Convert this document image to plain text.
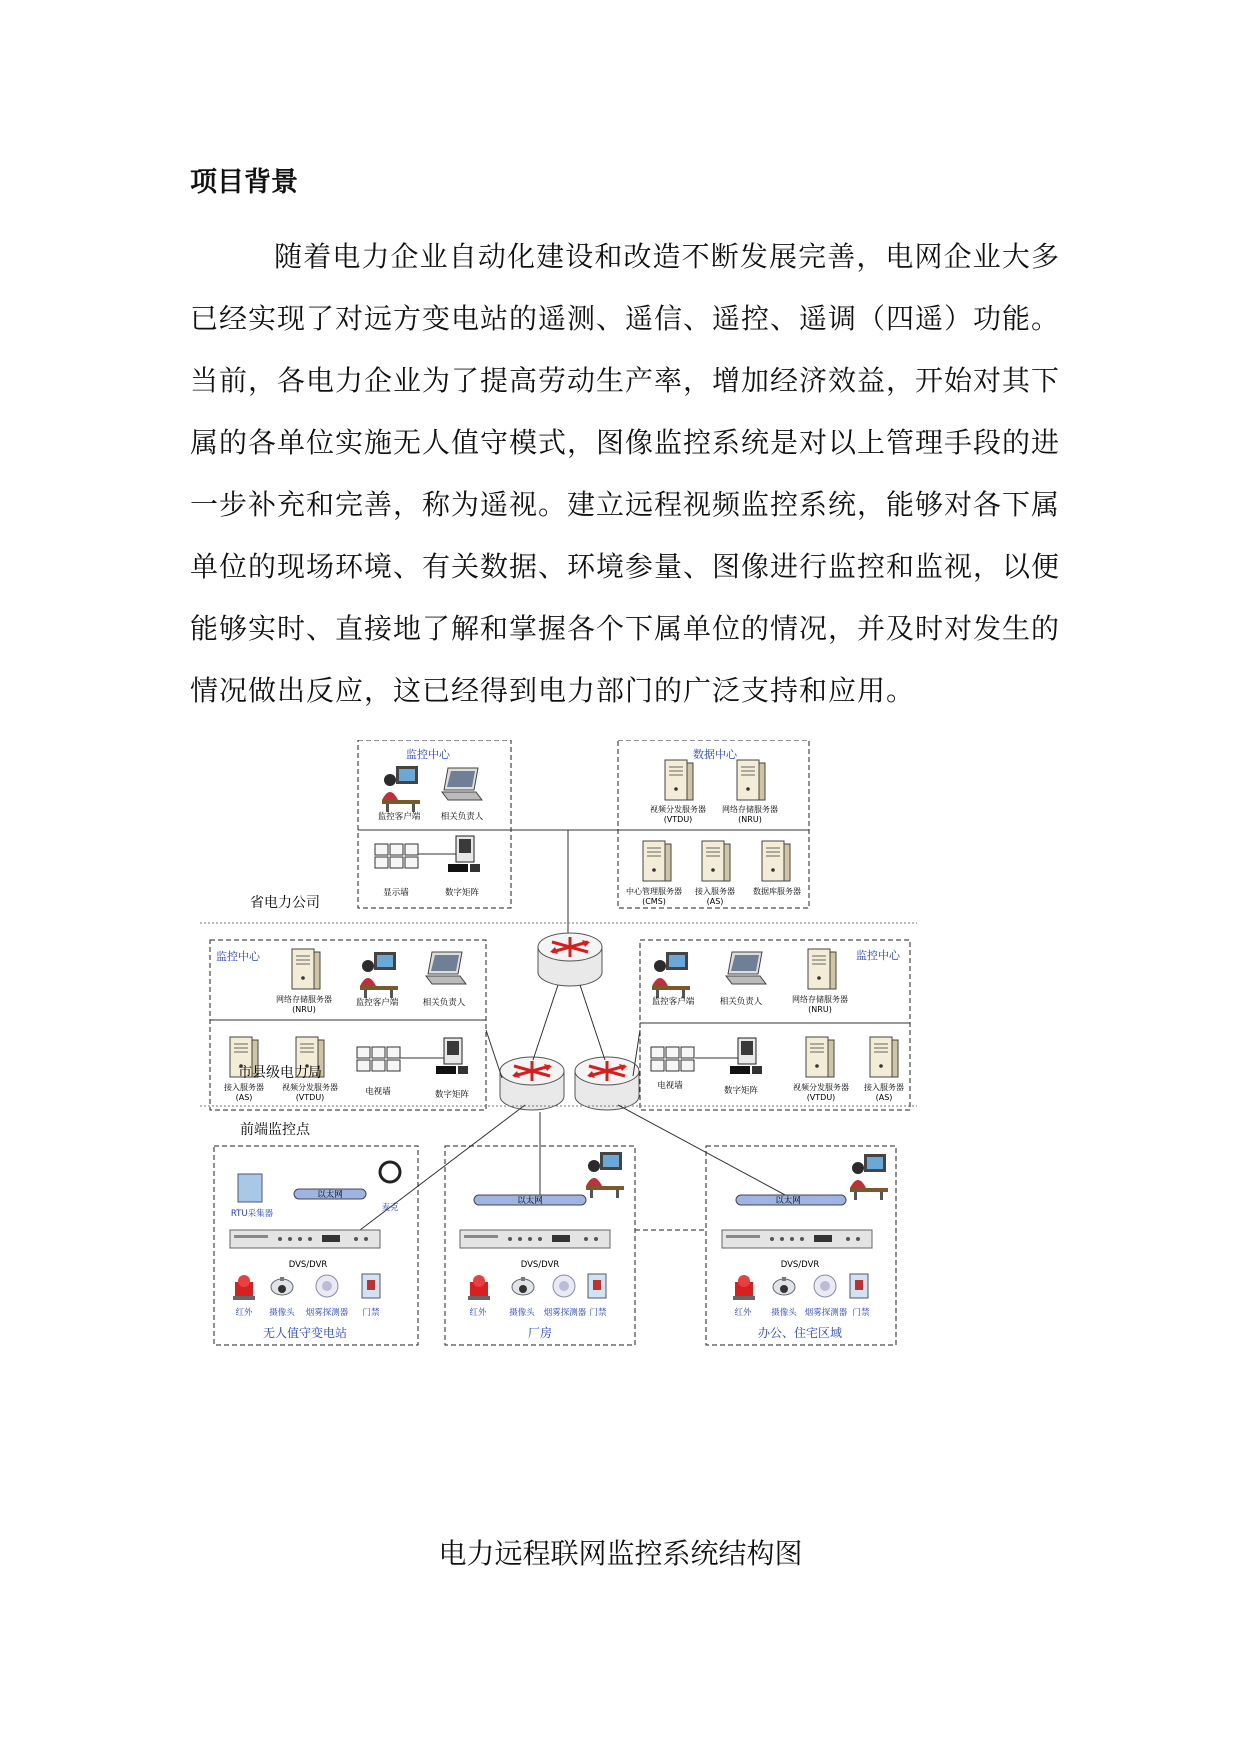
项目背景
随着电力企业自动化建设和改造不断发展完善，电网企业大多已经实现了对远方变电站的遥测、遥信、遥控、遥调（四遥）功能。当前，各电力企业为了提高劳动生产率，增加经济效益，开始对其下属的各单位实施无人值守模式，图像监控系统是对以上管理手段的进一步补充和完善，称为遥视。建立远程视频监控系统，能够对各下属单位的现场环境、有关数据、环境参量、图像进行监控和监视，以便能够实时、直接地了解和掌握各个下属单位的情况，并及时对发生的情况做出反应，这已经得到电力部门的广泛支持和应用。
监控中心
监控客户端 相关负责人
显示墙	数字矩阵
数据中心
视频分发服务器
(VTDU)
网络存储服务器
(NRU)
中心管理服务器
(CMS)
接入服务器
(AS)
数据库服务器
省电力公司
监控中心
网络存储服务器
(NRU)
监控客户端	相关负责人
接入服务器
(AS)
视频分发服务器
(VTDU)
电视墙	数字矩阵
监控中心
监控客户端	相关负责人	网络存储服务器
(NRU)
电视墙	数字矩阵	视频分发服务器
(VTDU)
接入服务器
(AS)
市县级电力局
前端监控点
以太网
RTU采集器
麦克
DVS/DVR
红外 摄像头 烟雾探测器 门禁
无人值守变电站
以太网
DVS/DVR
红外	摄像头 烟雾探测器 门禁
厂房
以太网
DVS/DVR
红外 摄像头 烟雾探测器 门禁
办公、住宅区域
电力远程联网监控系统结构图
